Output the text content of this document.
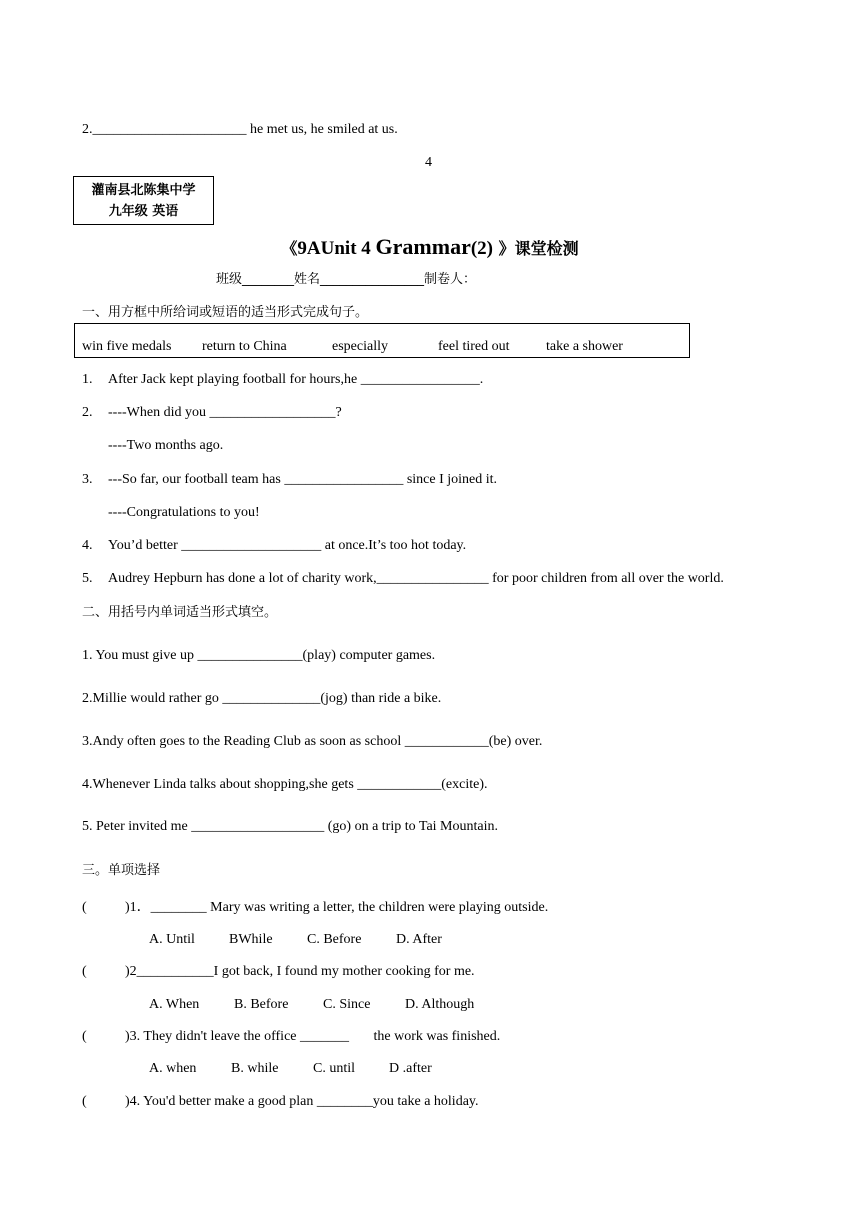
2.______________________ he met us, he smiled at us.
4
灌南县北陈集中学
九年级 英语
《9AUnit 4 Grammar(2) 》课堂检测
班级________姓名________________制卷人：
一、用方框中所给词或短语的适当形式完成句子。
win five medals return to China	especially	feel tired out	take a shower
1. After Jack kept playing football for hours,he _________________.
2. ----When did you __________________?
----Two months ago.
3. ---So far, our football team has _________________ since I joined it.
----Congratulations to you!
4. You’d better ____________________ at once.It’s too hot today.
5. Audrey Hepburn has done a lot of charity work,________________ for poor children from all over the world.
二、用括号内单词适当形式填空。
1. You must give up _______________(play) computer games.
2.Millie would rather go ______________(jog) than ride a bike.
3.Andy often goes to the Reading Club as soon as school ____________(be) over.
4.Whenever Linda talks about shopping,she gets ____________(excite).
5. Peter invited me ___________________ (go) on a trip to Tai Mountain.
三。单项选择
(	)1．________ Mary was writing a letter, the children were playing outside.
A. Until BWhile C. Before D. After
(	)2___________I got back, I found my mother cooking for me.
A. When B. Before C. Since D. Although
(	)3. They didn't leave the office _______       the work was finished.
A. when B. while C. until D .after
(	)4. You'd better make a good plan ________you take a holiday.
